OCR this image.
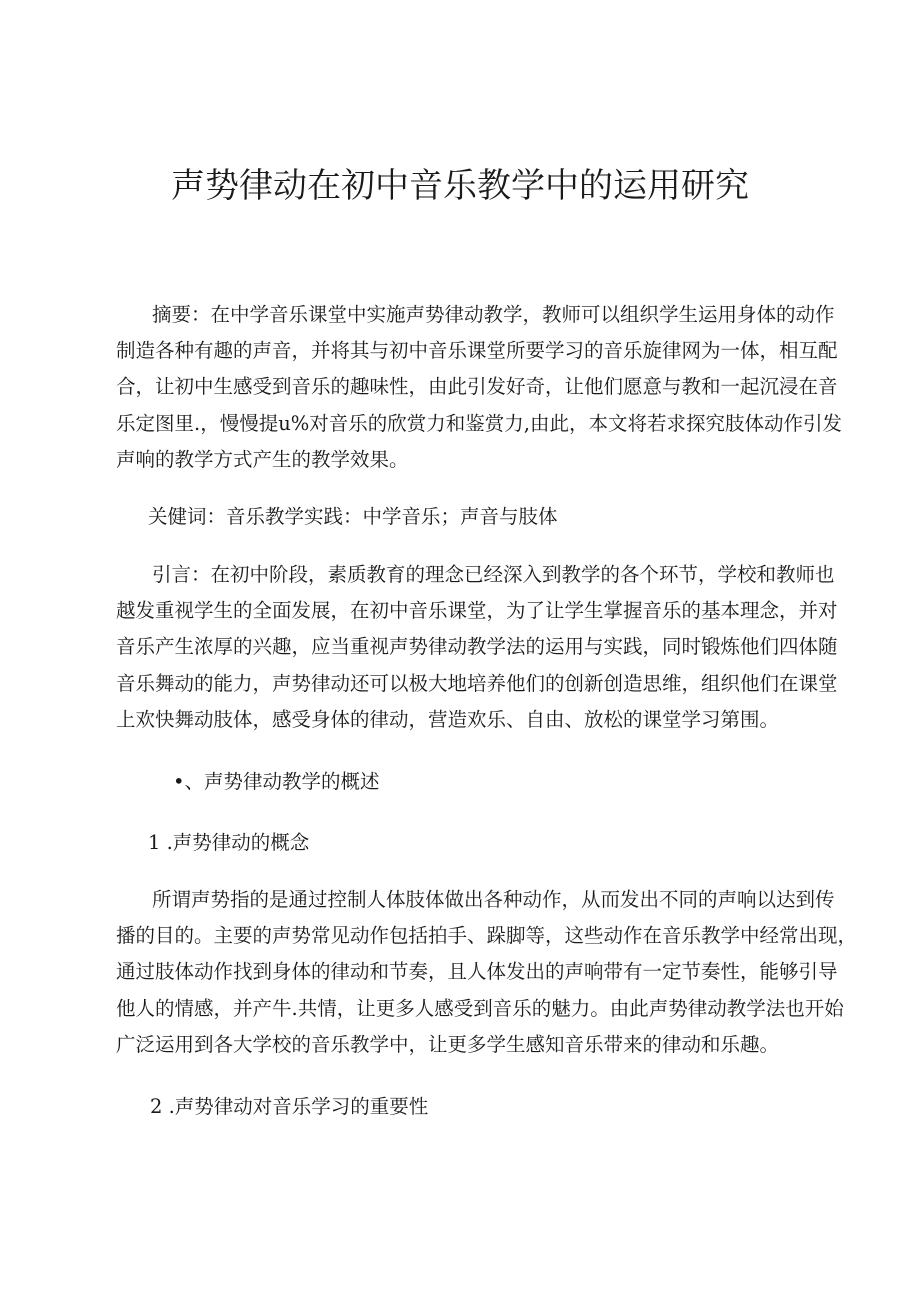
声势律动在初中音乐教学中的运用研究
摘要：在中学音乐课堂中实施声势律动教学，教师可以组织学生运用身体的动作
制造各种有趣的声音，并将其与初中音乐课堂所要学习的音乐旋律网为一体，相互配
合，让初中生感受到音乐的趣味性，由此引发好奇，让他们愿意与教和一起沉浸在音
乐定图里.，慢慢提u%对音乐的欣赏力和鉴赏力,由此，本文将若求探究肢体动作引发
声响的教学方式产生的教学效果。

关健词：音乐教学实践：中学音乐；声音与肢体

引言：在初中阶段，素质教育的理念已经深入到教学的各个环节，学校和教师也
越发重视学生的全面发展，在初中音乐课堂，为了让学生掌握音乐的基本理念，并对
音乐产生浓厚的兴趣，应当重视声势律动教学法的运用与实践，同时锻炼他们四体随
音乐舞动的能力，声势律动还可以极大地培养他们的创新创造思维，组织他们在课堂
上欢快舞动肢体，感受身体的律动，营造欢乐、自由、放松的课堂学习第围。

•、声势律动教学的概述

1 .声势律动的概念

所谓声势指的是通过控制人体肢体做出各种动作，从而发出不同的声响以达到传
播的目的。主要的声势常见动作包括拍手、跺脚等，这些动作在音乐教学中经常出现，
通过肢体动作找到身体的律动和节奏，且人体发出的声响带有一定节奏性，能够引导
他人的情感，并产牛.共情，让更多人感受到音乐的魅力。由此声势律动教学法也开始
广泛运用到各大学校的音乐教学中，让更多学生感知音乐带来的律动和乐趣。

2 .声势律动对音乐学习的重要性
